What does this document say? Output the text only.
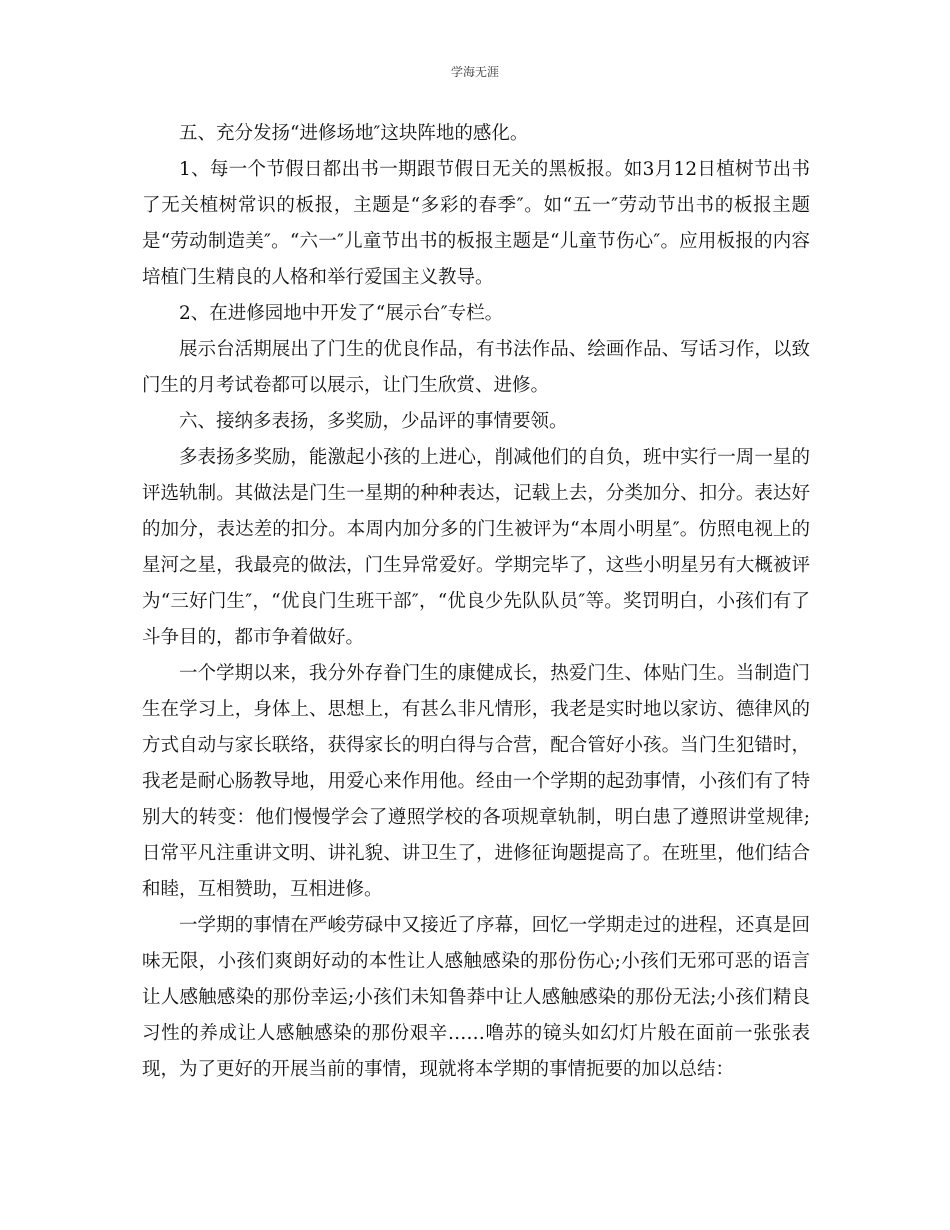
学海无涯

五、充分发扬“进修场地″这块阵地的感化。

1、每一个节假日都出书一期跟节假日无关的黑板报。如3月12日植树节出书了无关植树常识的板报，主题是“多彩的春季″。如“五一″劳动节出书的板报主题是“劳动制造美″。“六一″儿童节出书的板报主题是“儿童节伤心″。应用板报的内容培植门生精良的人格和举行爱国主义教导。

2、在进修园地中开发了“展示台″专栏。

展示台活期展出了门生的优良作品，有书法作品、绘画作品、写话习作，以致门生的月考试卷都可以展示，让门生欣赏、进修。

六、接纳多表扬，多奖励，少品评的事情要领。

多表扬多奖励，能激起小孩的上进心，削减他们的自负，班中实行一周一星的评选轨制。其做法是门生一星期的种种表达，记载上去，分类加分、扣分。表达好的加分，表达差的扣分。本周内加分多的门生被评为“本周小明星″。仿照电视上的星河之星，我最亮的做法，门生异常爱好。学期完毕了，这些小明星另有大概被评为“三好门生″，“优良门生班干部″，“优良少先队队员″等。奖罚明白，小孩们有了斗争目的，都市争着做好。

一个学期以来，我分外存眷门生的康健成长，热爱门生、体贴门生。当制造门生在学习上，身体上、思想上，有甚么非凡情形，我老是实时地以家访、德律风的方式自动与家长联络，获得家长的明白得与合营，配合管好小孩。当门生犯错时，我老是耐心肠教导地，用爱心来作用他。经由一个学期的起劲事情，小孩们有了特别大的转变：他们慢慢学会了遵照学校的各项规章轨制，明白患了遵照讲堂规律;日常平凡注重讲文明、讲礼貌、讲卫生了，进修征询题提高了。在班里，他们结合和睦，互相赞助，互相进修。

一学期的事情在严峻劳碌中又接近了序幕，回忆一学期走过的进程，还真是回味无限，小孩们爽朗好动的本性让人感触感染的那份伤心;小孩们无邪可恶的语言让人感触感染的那份幸运;小孩们未知鲁莽中让人感触感染的那份无法;小孩们精良习性的养成让人感触感染的那份艰辛……噜苏的镜头如幻灯片般在面前一张张表现，为了更好的开展当前的事情，现就将本学期的事情扼要的加以总结：
